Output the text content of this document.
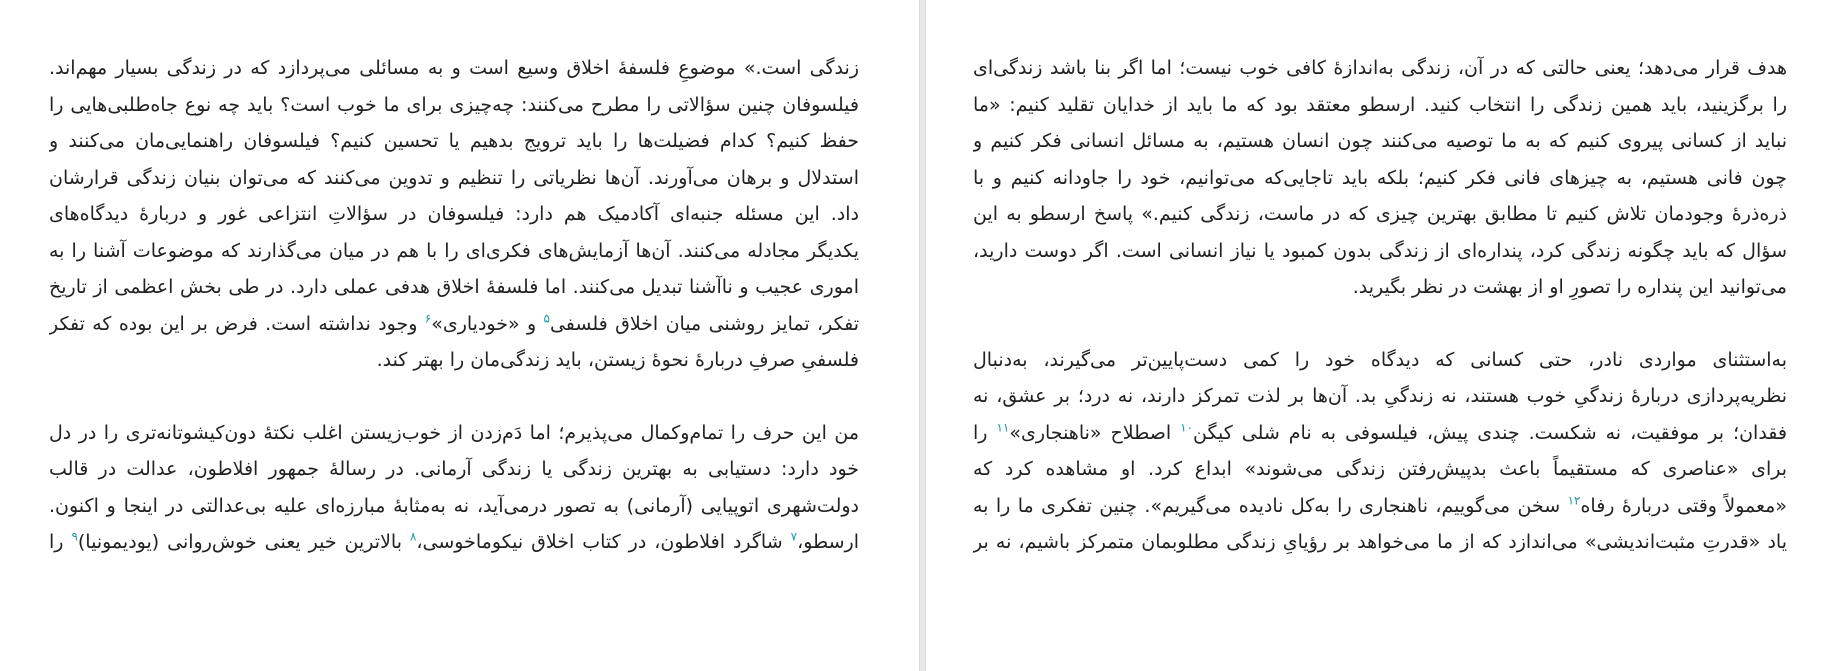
زندگی است.» موضوعِ فلسفهٔ اخلاق وسیع است و به مسائلی می‌پردازد که در زندگی بسیار مهم‌اند.
فیلسوفان چنین سؤالاتی را مطرح می‌کنند: چه‌چیزی برای ما خوب است؟ باید چه نوع جاه‌طلبی‌هایی را
حفظ کنیم؟ کدام فضیلت‌ها را باید ترویج بدهیم یا تحسین کنیم؟ فیلسوفان راهنمایی‌مان می‌کنند و
استدلال و برهان می‌آورند. آن‌ها نظریاتی را تنظیم و تدوین می‌کنند که می‌توان بنیان زندگی قرارشان
داد. این مسئله جنبه‌ای آکادمیک هم دارد: فیلسوفان در سؤالاتِ انتزاعی غور و دربارهٔ دیدگاه‌های
یکدیگر مجادله می‌کنند. آن‌ها آزمایش‌های فکری‌ای را با هم در میان می‌گذارند که موضوعات آشنا را به
اموری عجیب و ناآشنا تبدیل می‌کنند. اما فلسفهٔ اخلاق هدفی عملی دارد. در طی بخش اعظمی از تاریخ
تفکر، تمایز روشنی میان اخلاق فلسفی$^۵$ و «خودیاری»$^۶$ وجود نداشته است. فرض بر این بوده که تفکر
فلسفیِ صرفِ دربارهٔ نحوهٔ زیستن، باید زندگی‌مان را بهتر کند.

من این حرف را تمام‌وکمال می‌پذیرم؛ اما دَم‌زدن از خوب‌زیستن اغلب نکتهٔ دون‌کیشوتانه‌تری را در دل
خود دارد: دستیابی به بهترین زندگی یا زندگی آرمانی. در رسالهٔ جمهور افلاطون، عدالت در قالب
دولت‌شهری اتوپیایی (آرمانی) به تصور درمی‌آید، نه به‌مثابهٔ مبارزه‌ای علیه بی‌عدالتی در اینجا و اکنون.
ارسطو،$^۷$ شاگرد افلاطون، در کتاب اخلاق نیکوماخوسی،$^۸$ بالاترین خیر یعنی خوش‌روانی (یودیمونیا)$^۹$ را

هدف قرار می‌دهد؛ یعنی حالتی که در آن، زندگی به‌اندازهٔ کافی خوب نیست؛ اما اگر بنا باشد زندگی‌ای
را برگزینید، باید همین زندگی را انتخاب کنید. ارسطو معتقد بود که ما باید از خدایان تقلید کنیم: «ما
نباید از کسانی پیروی کنیم که به ما توصیه می‌کنند چون انسان هستیم، به مسائل انسانی فکر کنیم و
چون فانی هستیم، به چیزهای فانی فکر کنیم؛ بلکه باید تاجایی‌که می‌توانیم، خود را جاودانه کنیم و با
ذره‌ذرهٔ وجودمان تلاش کنیم تا مطابق بهترین چیزی که در ماست، زندگی کنیم.» پاسخ ارسطو به این
سؤال که باید چگونه زندگی کرد، پنداره‌ای از زندگی بدون کمبود یا نیاز انسانی است. اگر دوست دارید،
می‌توانید این پنداره را تصورِ او از بهشت در نظر بگیرید.

به‌استثنای مواردی نادر، حتی کسانی که دیدگاه خود را کمی دست‌پایین‌تر می‌گیرند، به‌دنبال
نظریه‌پردازی دربارهٔ زندگیِ خوب هستند، نه زندگیِ بد. آن‌ها بر لذت تمرکز دارند، نه درد؛ بر عشق، نه
فقدان؛ بر موفقیت، نه شکست. چندی پیش، فیلسوفی به نام شلی کیگن$^{۱۰}$ اصطلاح «ناهنجاری»$^{۱۱}$ را
برای «عناصری که مستقیماً باعث بدپیش‌رفتن زندگی می‌شوند» ابداع کرد. او مشاهده کرد که
«معمولاً وقتی دربارهٔ رفاه$^{۱۲}$ سخن می‌گوییم، ناهنجاری را به‌کل نادیده می‌گیریم». چنین تفکری ما را به
یاد «قدرتِ مثبت‌اندیشی» می‌اندازد که از ما می‌خواهد بر رؤیایِ زندگی مطلوبمان متمرکز باشیم، نه بر
